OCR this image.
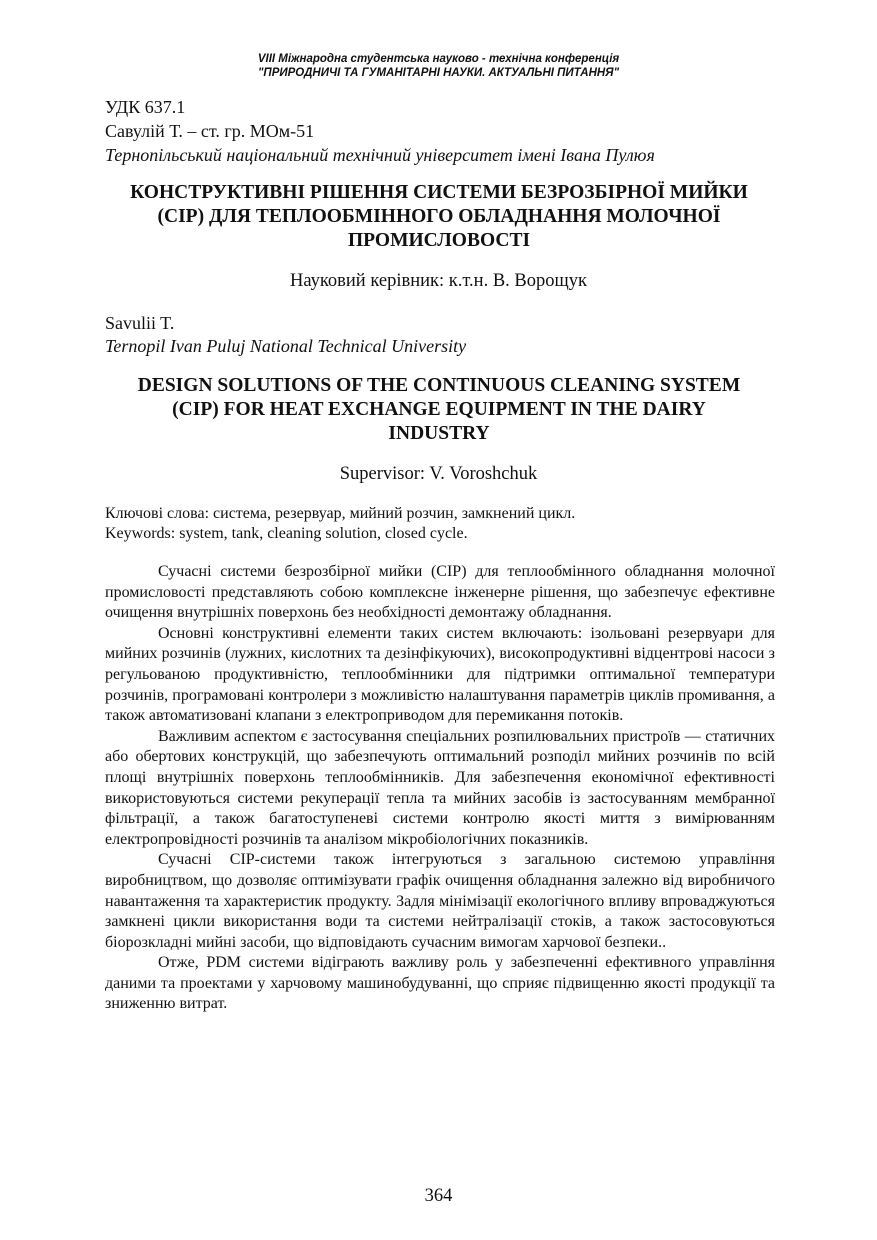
VIII Міжнародна студентська науково - технічна конференція
"ПРИРОДНИЧІ ТА ГУМАНІТАРНІ НАУКИ. АКТУАЛЬНІ ПИТАННЯ"
УДК 637.1
Савулій Т. – ст. гр. МОм-51
Тернопільський національний технічний університет імені Івана Пулюя
КОНСТРУКТИВНІ РІШЕННЯ СИСТЕМИ БЕЗРОЗБІРНОЇ МИЙКИ
(CIP) ДЛЯ ТЕПЛООБМІННОГО ОБЛАДНАННЯ МОЛОЧНОЇ
ПРОМИСЛОВОСТІ
Науковий керівник: к.т.н. В. Ворощук
Savulii T.
Ternopil Ivan Puluj National Technical University
DESIGN SOLUTIONS OF THE CONTINUOUS CLEANING SYSTEM
(CIP) FOR HEAT EXCHANGE EQUIPMENT IN THE DAIRY
INDUSTRY
Supervisor: V. Voroshchuk
Ключові слова: система, резервуар, мийний розчин, замкнений цикл.
Keywords: system, tank, cleaning solution, closed cycle.

Сучасні системи безрозбірної мийки (CIP) для теплообмінного обладнання молочної промисловості представляють собою комплексне інженерне рішення, що забезпечує ефективне очищення внутрішніх поверхонь без необхідності демонтажу обладнання.

Основні конструктивні елементи таких систем включають: ізольовані резервуари для мийних розчинів (лужних, кислотних та дезінфікуючих), високопродуктивні відцентрові насоси з регульованою продуктивністю, теплообмінники для підтримки оптимальної температури розчинів, програмовані контролери з можливістю налаштування параметрів циклів промивання, а також автоматизовані клапани з електроприводом для перемикання потоків.

Важливим аспектом є застосування спеціальних розпилювальних пристроїв — статичних або обертових конструкцій, що забезпечують оптимальний розподіл мийних розчинів по всій площі внутрішніх поверхонь теплообмінників. Для забезпечення економічної ефективності використовуються системи рекуперації тепла та мийних засобів із застосуванням мембранної фільтрації, а також багатоступеневі системи контролю якості миття з вимірюванням електропровідності розчинів та аналізом мікробіологічних показників.

Сучасні CIP-системи також інтегруються з загальною системою управління виробництвом, що дозволяє оптимізувати графік очищення обладнання залежно від виробничого навантаження та характеристик продукту. Задля мінімізації екологічного впливу впроваджуються замкнені цикли використання води та системи нейтралізації стоків, а також застосовуються біорозкладні мийні засоби, що відповідають сучасним вимогам харчової безпеки..

Отже, PDM системи відіграють важливу роль у забезпеченні ефективного управління даними та проектами у харчовому машинобудуванні, що сприяє підвищенню якості продукції та зниженню витрат.

364
